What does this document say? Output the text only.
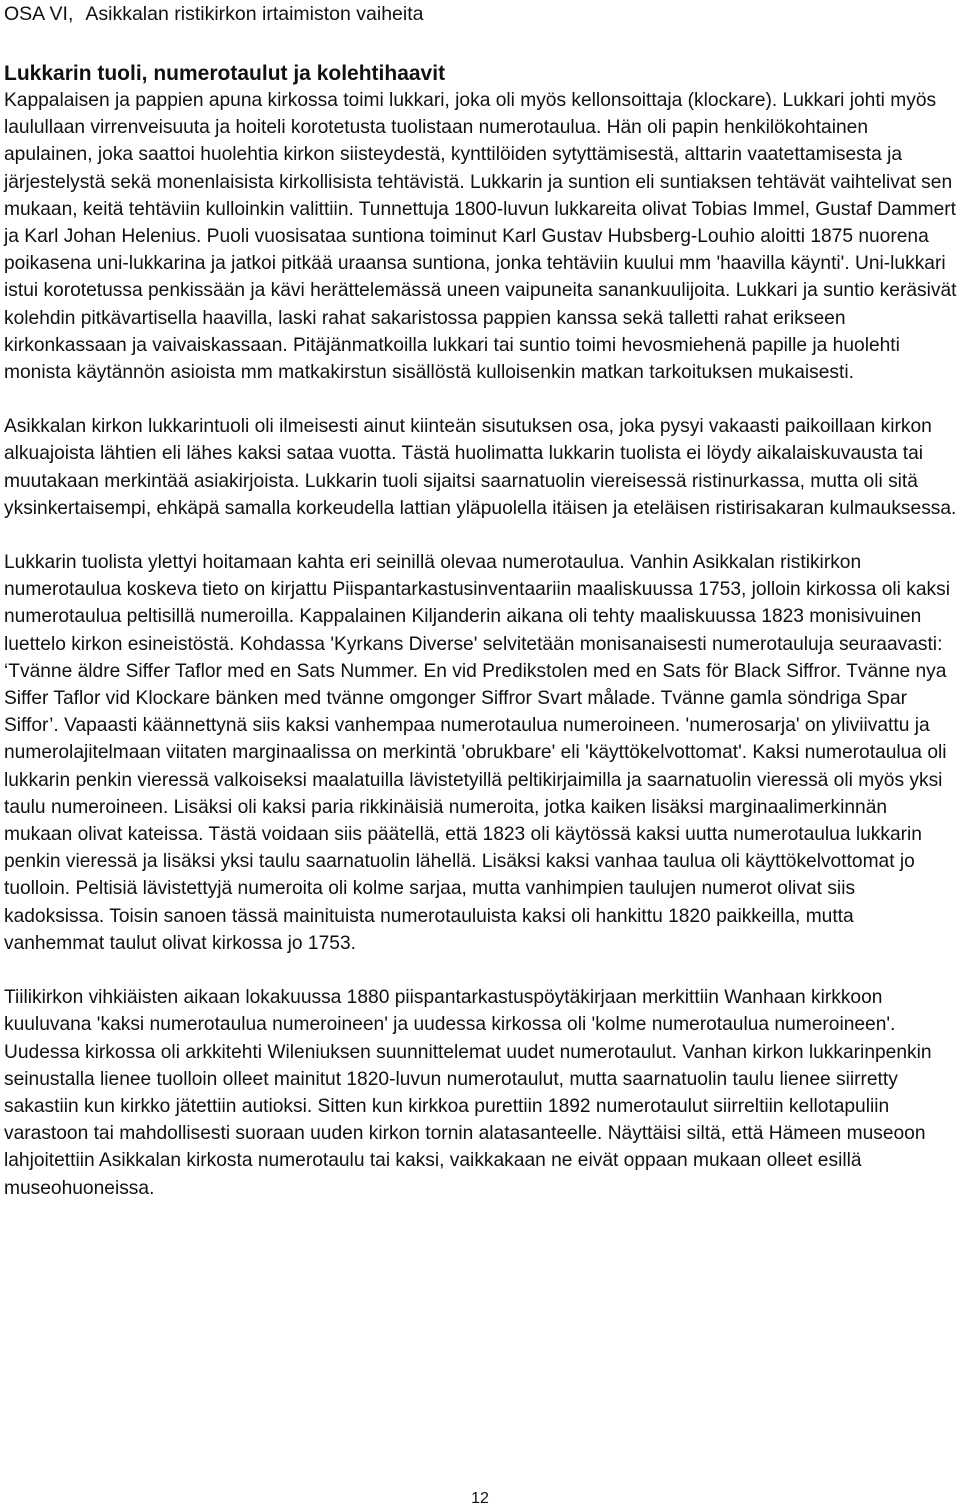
OSA VI, Asikkalan ristikirkon irtaimiston vaiheita
Lukkarin tuoli, numerotaulut ja kolehtihaavit

Kappalaisen ja pappien apuna kirkossa toimi lukkari, joka oli myös kellonsoittaja (klockare). Lukkari johti myös laulullaan virrenveisuuta ja hoiteli korotetusta tuolistaan numerotaulua. Hän oli papin henkilökohtainen apulainen, joka saattoi huolehtia kirkon siisteydestä, kynttilöiden sytyttämisestä, alttarin vaatettamisesta ja järjestelystä sekä monenlaisista kirkollisista tehtävistä. Lukkarin ja suntion eli suntiaksen tehtävät vaihtelivat sen mukaan, keitä tehtäviin kulloinkin valittiin. Tunnettuja 1800-luvun lukkareita olivat Tobias Immel, Gustaf Dammert ja Karl Johan Helenius. Puoli vuosisataa suntiona toiminut Karl Gustav Hubsberg-Louhio aloitti 1875 nuorena poikasena uni-lukkarina ja jatkoi pitkää uraansa suntiona, jonka tehtäviin kuului mm 'haavilla käynti'. Uni-lukkari istui korotetussa penkissään ja kävi herättelemässä uneen vaipuneita sanankuulijoita. Lukkari ja suntio keräsivät kolehdin pitkävartisella haavilla, laski rahat sakaristossa pappien kanssa sekä talletti rahat erikseen kirkonkassaan ja vaivaiskassaan. Pitäjänmatkoilla lukkari tai suntio toimi hevosmiehenä papille ja huolehti monista käytännön asioista mm matkakirstun sisällöstä kulloisenkin matkan tarkoituksen mukaisesti.

Asikkalan kirkon lukkarintuoli oli ilmeisesti ainut kiinteän sisutuksen osa, joka pysyi vakaasti paikoillaan kirkon alkuajoista lähtien eli lähes kaksi sataa vuotta. Tästä huolimatta lukkarin tuolista ei löydy aikalaiskuvausta tai muutakaan merkintää asiakirjoista. Lukkarin tuoli sijaitsi saarnatuolin viereisessä ristinurkassa, mutta oli sitä yksinkertaisempi, ehkäpä samalla korkeudella lattian yläpuolella itäisen ja eteläisen ristirisakaran kulmauksessa.

Lukkarin tuolista ylettyi hoitamaan kahta eri seinillä olevaa numerotaulua. Vanhin Asikkalan ristikirkon numerotaulua koskeva tieto on kirjattu Piispantarkastusinventaariin maaliskuussa 1753, jolloin kirkossa oli kaksi numerotaulua peltisillä numeroilla. Kappalainen Kiljanderin aikana oli tehty maaliskuussa 1823 monisivuinen luettelo kirkon esineistöstä. Kohdassa 'Kyrkans Diverse' selvitetään monisanaisesti numerotauluja seuraavasti: ‘Tvänne äldre Siffer Taflor med en Sats Nummer. En vid Predikstolen med en Sats för Black Siffror. Tvänne nya Siffer Taflor vid Klockare bänken med tvänne omgonger Siffror Svart målade. Tvänne gamla söndriga Spar Siffor’. Vapaasti käännettynä siis kaksi vanhempaa numerotaulua numeroineen. 'numerosarja' on yliviivattu ja numerolajitelmaan viitaten marginaalissa on merkintä 'obrukbare' eli 'käyttökelvottomat'. Kaksi numerotaulua oli lukkarin penkin vieressä valkoiseksi maalatuilla lävistetyillä peltikirjaimilla ja saarnatuolin vieressä oli myös yksi taulu numeroineen. Lisäksi oli kaksi paria rikkinäisiä numeroita, jotka kaiken lisäksi marginaalimerkinnän mukaan olivat kateissa. Tästä voidaan siis päätellä, että 1823 oli käytössä kaksi uutta numerotaulua lukkarin penkin vieressä ja lisäksi yksi taulu saarnatuolin lähellä. Lisäksi kaksi vanhaa taulua oli käyttökelvottomat jo tuolloin. Peltisiä lävistettyjä numeroita oli kolme sarjaa, mutta vanhimpien taulujen numerot olivat siis kadoksissa. Toisin sanoen tässä mainituista numerotauluista kaksi oli hankittu 1820 paikkeilla, mutta vanhemmat taulut olivat kirkossa jo 1753.

Tiilikirkon vihkiäisten aikaan lokakuussa 1880 piispantarkastuspöytäkirjaan merkittiin Wanhaan kirkkoon kuuluvana 'kaksi numerotaulua numeroineen' ja uudessa kirkossa oli 'kolme numerotaulua numeroineen'. Uudessa kirkossa oli arkkitehti Wileniuksen suunnittelemat uudet numerotaulut. Vanhan kirkon lukkarinpenkin seinustalla lienee tuolloin olleet mainitut 1820-luvun numerotaulut, mutta saarnatuolin taulu lienee siirretty sakastiin kun kirkko jätettiin autioksi. Sitten kun kirkkoa purettiin 1892 numerotaulut siirreltiin kellotapuliin varastoon tai mahdollisesti suoraan uuden kirkon tornin alatasanteelle. Näyttäisi siltä, että Hämeen museoon lahjoitettiin Asikkalan kirkosta numerotaulu tai kaksi, vaikkakaan ne eivät oppaan mukaan olleet esillä museohuoneissa.

12
